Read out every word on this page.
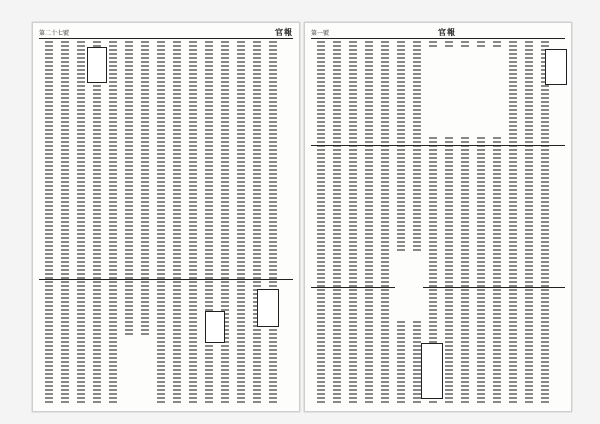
第二十七號	官報	第一號	官報
